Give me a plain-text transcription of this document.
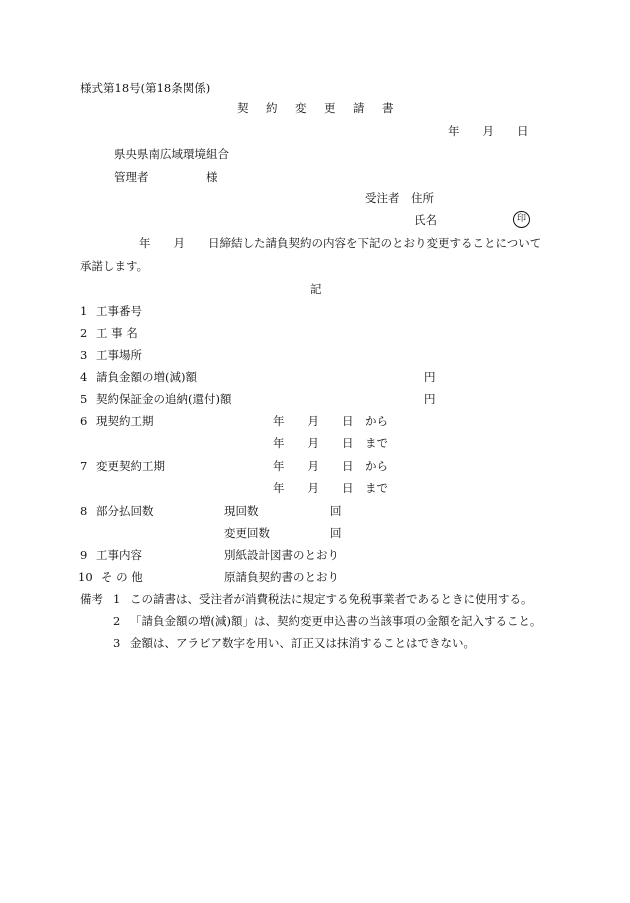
様式第18号(第18条関係)
契　約　変　更　請　書
年　　月　　日
県央県南広域環境組合
管理者　　　　　様
受注者　住所
氏名	印
年　　月　　日締結した請負契約の内容を下記のとおり変更することについて
承諾します。
記
1 工事番号
2 工 事 名
3 工事場所
4 請負金額の増(減)額	円
5 契約保証金の追納(還付)額	円
6 現契約工期	年　　月　　日　から
年　　月　　日　まで
7 変更契約工期	年　　月　　日　から
年　　月　　日　まで
8 部分払回数	現回数	回
変更回数	回
9 工事内容	別紙設計図書のとおり
10 そ の 他	原請負契約書のとおり
備考 1 この請書は、受注者が消費税法に規定する免税事業者であるときに使用する。
2 「請負金額の増(減)額」は、契約変更申込書の当該事項の金額を記入すること。
3 金額は、アラビア数字を用い、訂正又は抹消することはできない。
